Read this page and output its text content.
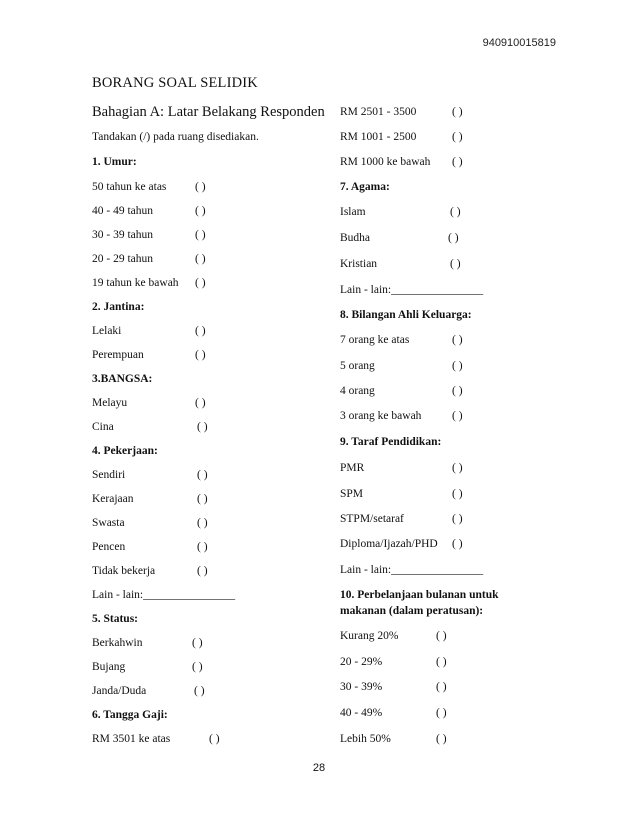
940910015819
BORANG SOAL SELIDIK
Bahagian A: Latar Belakang Responden
Tandakan (/) pada ruang disediakan.
1. Umur:
50 tahun ke atas ( )
40 - 49 tahun	( )
30 - 39 tahun	( )
20 - 29 tahun	( )
19 tahun ke bawah ( )
2. Jantina:
Lelaki	( )
Perempuan	( )
3.BANGSA:
Melayu	( )
Cina	( )
4. Pekerjaan:
Sendiri	( )
Kerajaan	( )
Swasta	( )
Pencen	( )
Tidak bekerja	( )
Lain - lain:________________
5. Status:
Berkahwin	( )
Bujang	( )
Janda/Duda	( )
6. Tangga Gaji:
RM 3501 ke atas	( )
RM 2501 - 3500	( )
RM 1001 - 2500	( )
RM 1000 ke bawah ( )
7. Agama:
Islam	( )
Budha	( )
Kristian	( )
Lain - lain:________________
8. Bilangan Ahli Keluarga:
7 orang ke atas	( )
5 orang	( )
4 orang	( )
3 orang ke bawah	( )
9. Taraf Pendidikan:
PMR	( )
SPM	( )
STPM/setaraf	( )
Diploma/Ijazah/PHD ( )
Lain - lain:________________
10. Perbelanjaan bulanan untuk
makanan (dalam peratusan):
Kurang 20%	( )
20 - 29%	( )
30 - 39%	( )
40 - 49%	( )
Lebih 50%	( )
28
